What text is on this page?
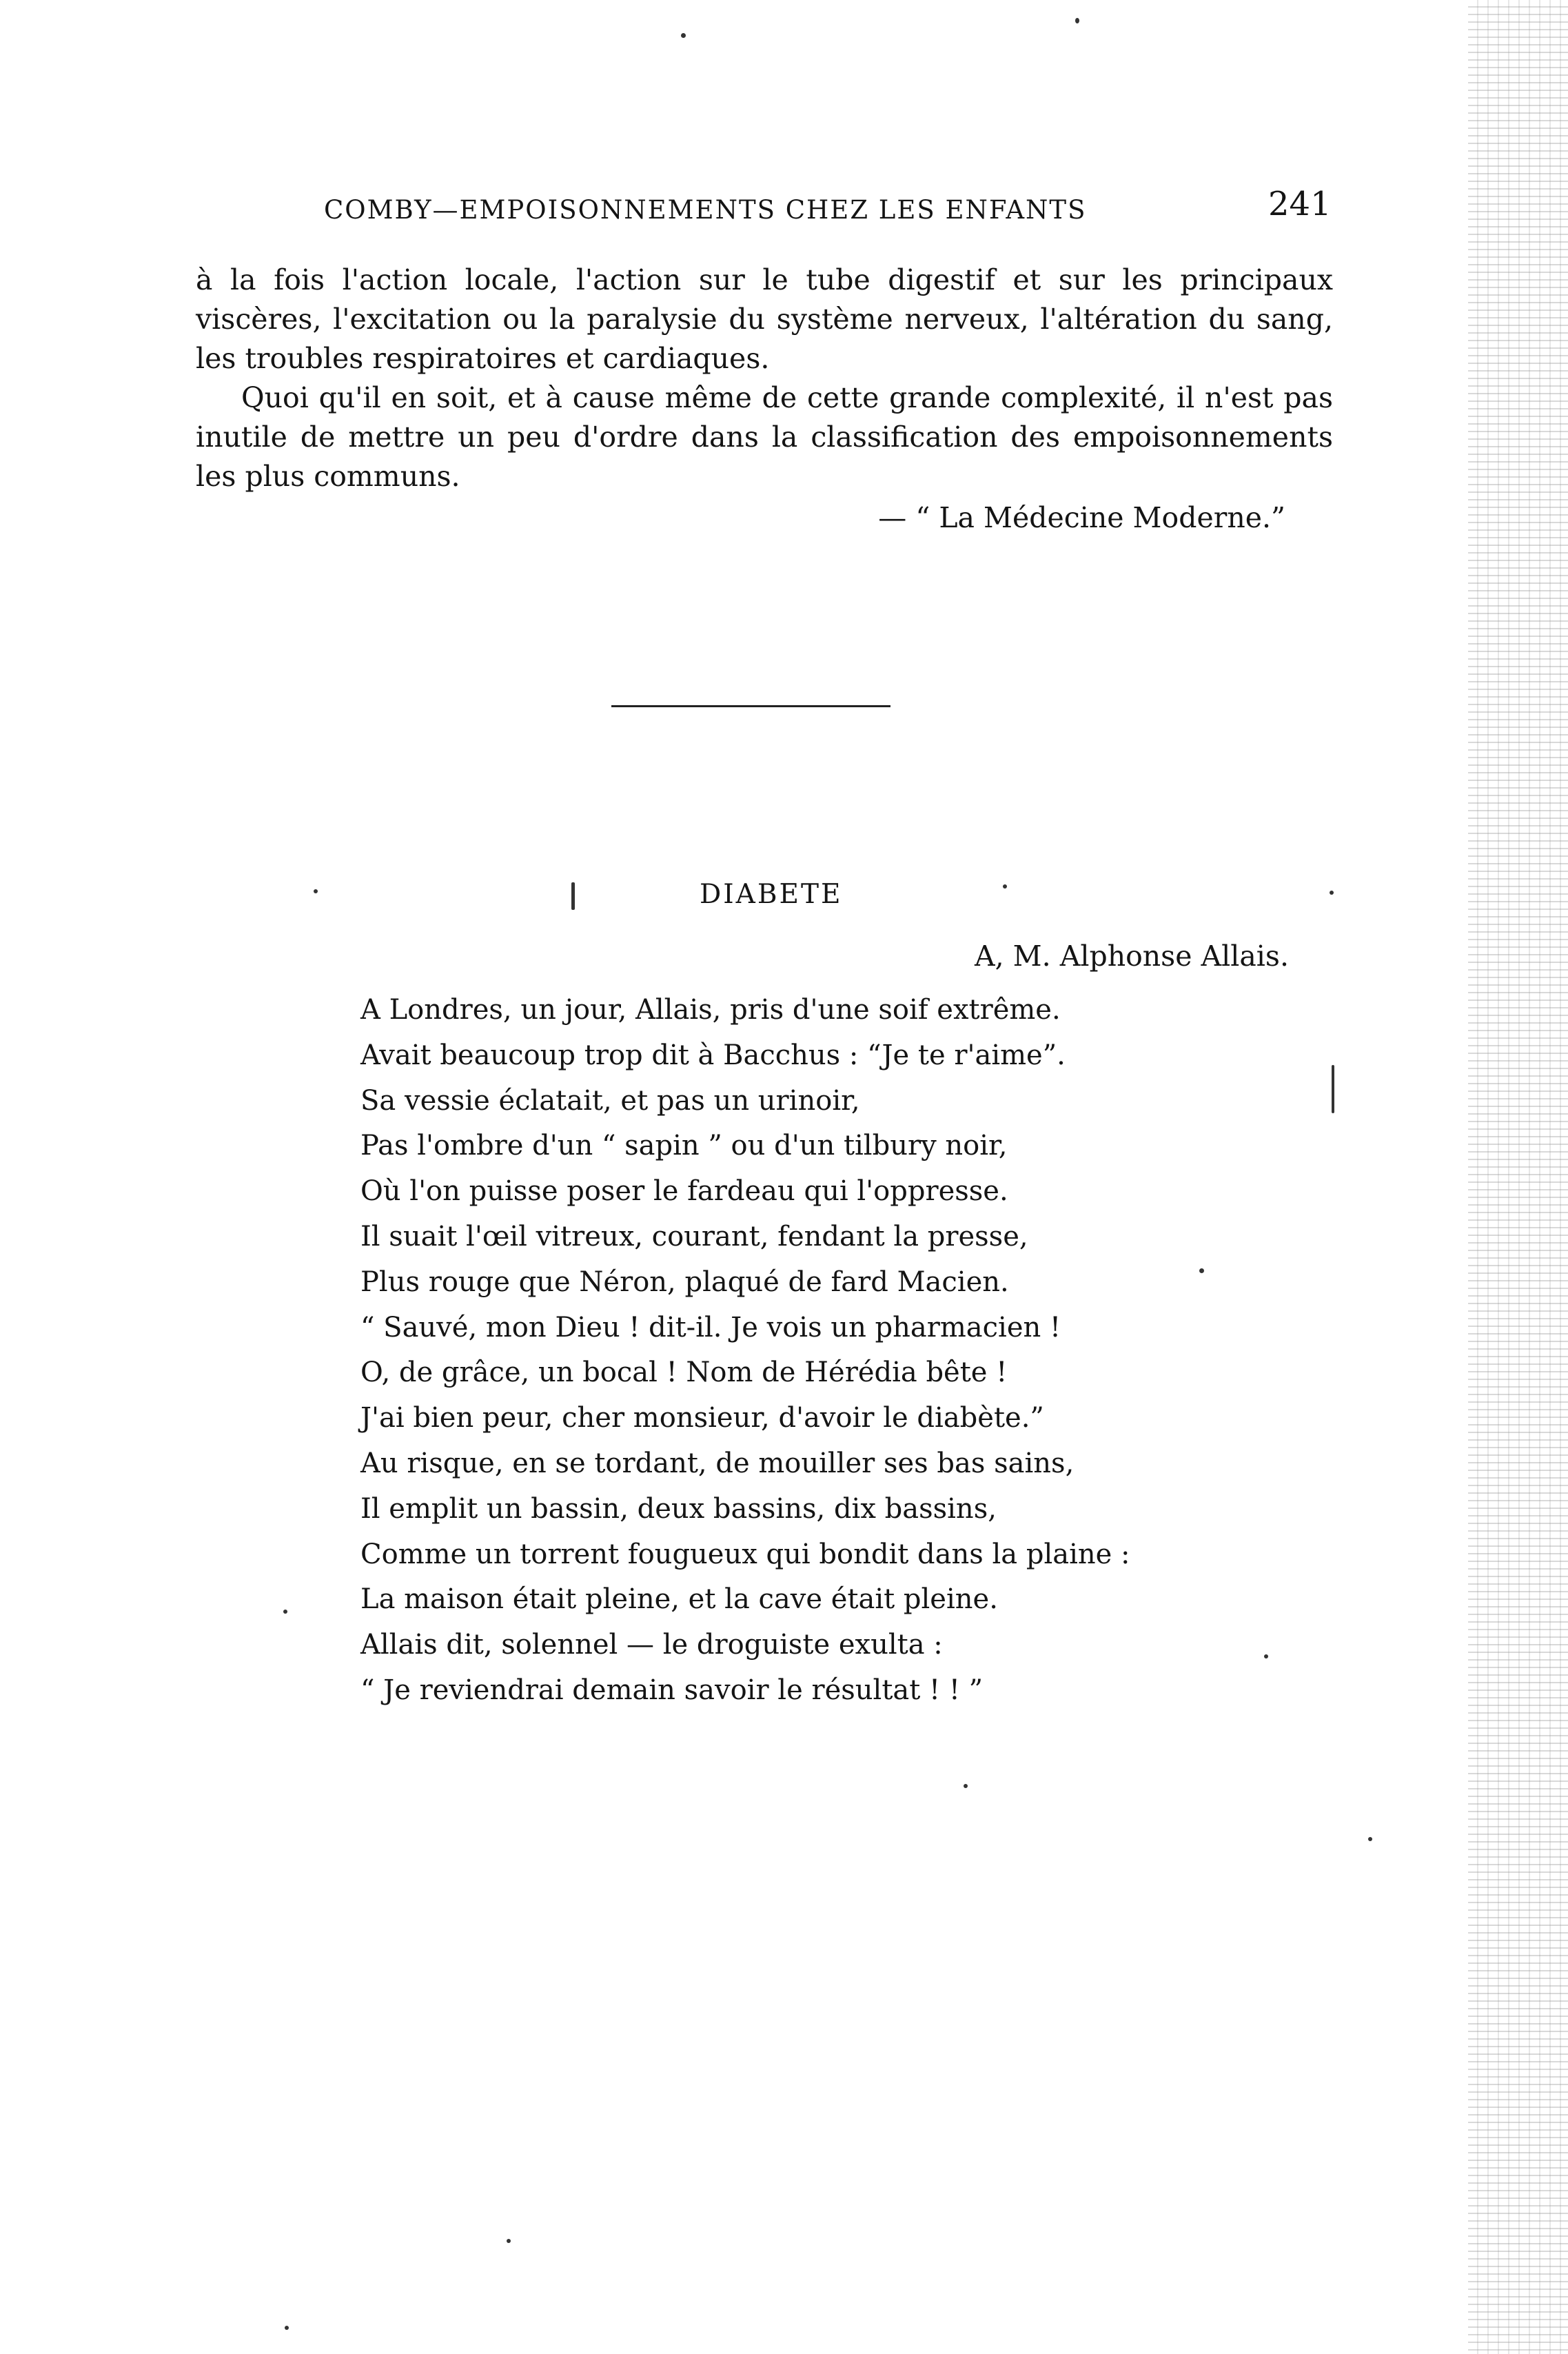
COMBY—EMPOISONNEMENTS CHEZ LES ENFANTS	241

à la fois l'action locale, l'action sur le tube digestif et sur les principaux viscères, l'excitation ou la paralysie du système nerveux, l'altération du sang, les troubles respiratoires et cardiaques.

Quoi qu'il en soit, et à cause même de cette grande complexité, il n'est pas inutile de mettre un peu d'ordre dans la classification des empoisonnements les plus communs.

— “ La Médecine Moderne.”
DIABETE
A, M. Alphonse Allais.
A Londres, un jour, Allais, pris d'une soif extrême.
Avait beaucoup trop dit à Bacchus : “Je te r'aime”.
Sa vessie éclatait, et pas un urinoir,
Pas l'ombre d'un “ sapin ” ou d'un tilbury noir,
Où l'on puisse poser le fardeau qui l'oppresse.
Il suait l'œil vitreux, courant, fendant la presse,
Plus rouge que Néron, plaqué de fard Macien.
“ Sauvé, mon Dieu ! dit-il. Je vois un pharmacien !
O, de grâce, un bocal ! Nom de Hérédia bête !
J'ai bien peur, cher monsieur, d'avoir le diabète.”
Au risque, en se tordant, de mouiller ses bas sains,
Il emplit un bassin, deux bassins, dix bassins,
Comme un torrent fougueux qui bondit dans la plaine :
La maison était pleine, et la cave était pleine.
Allais dit, solennel — le droguiste exulta :
“ Je reviendrai demain savoir le résultat ! ! ”
